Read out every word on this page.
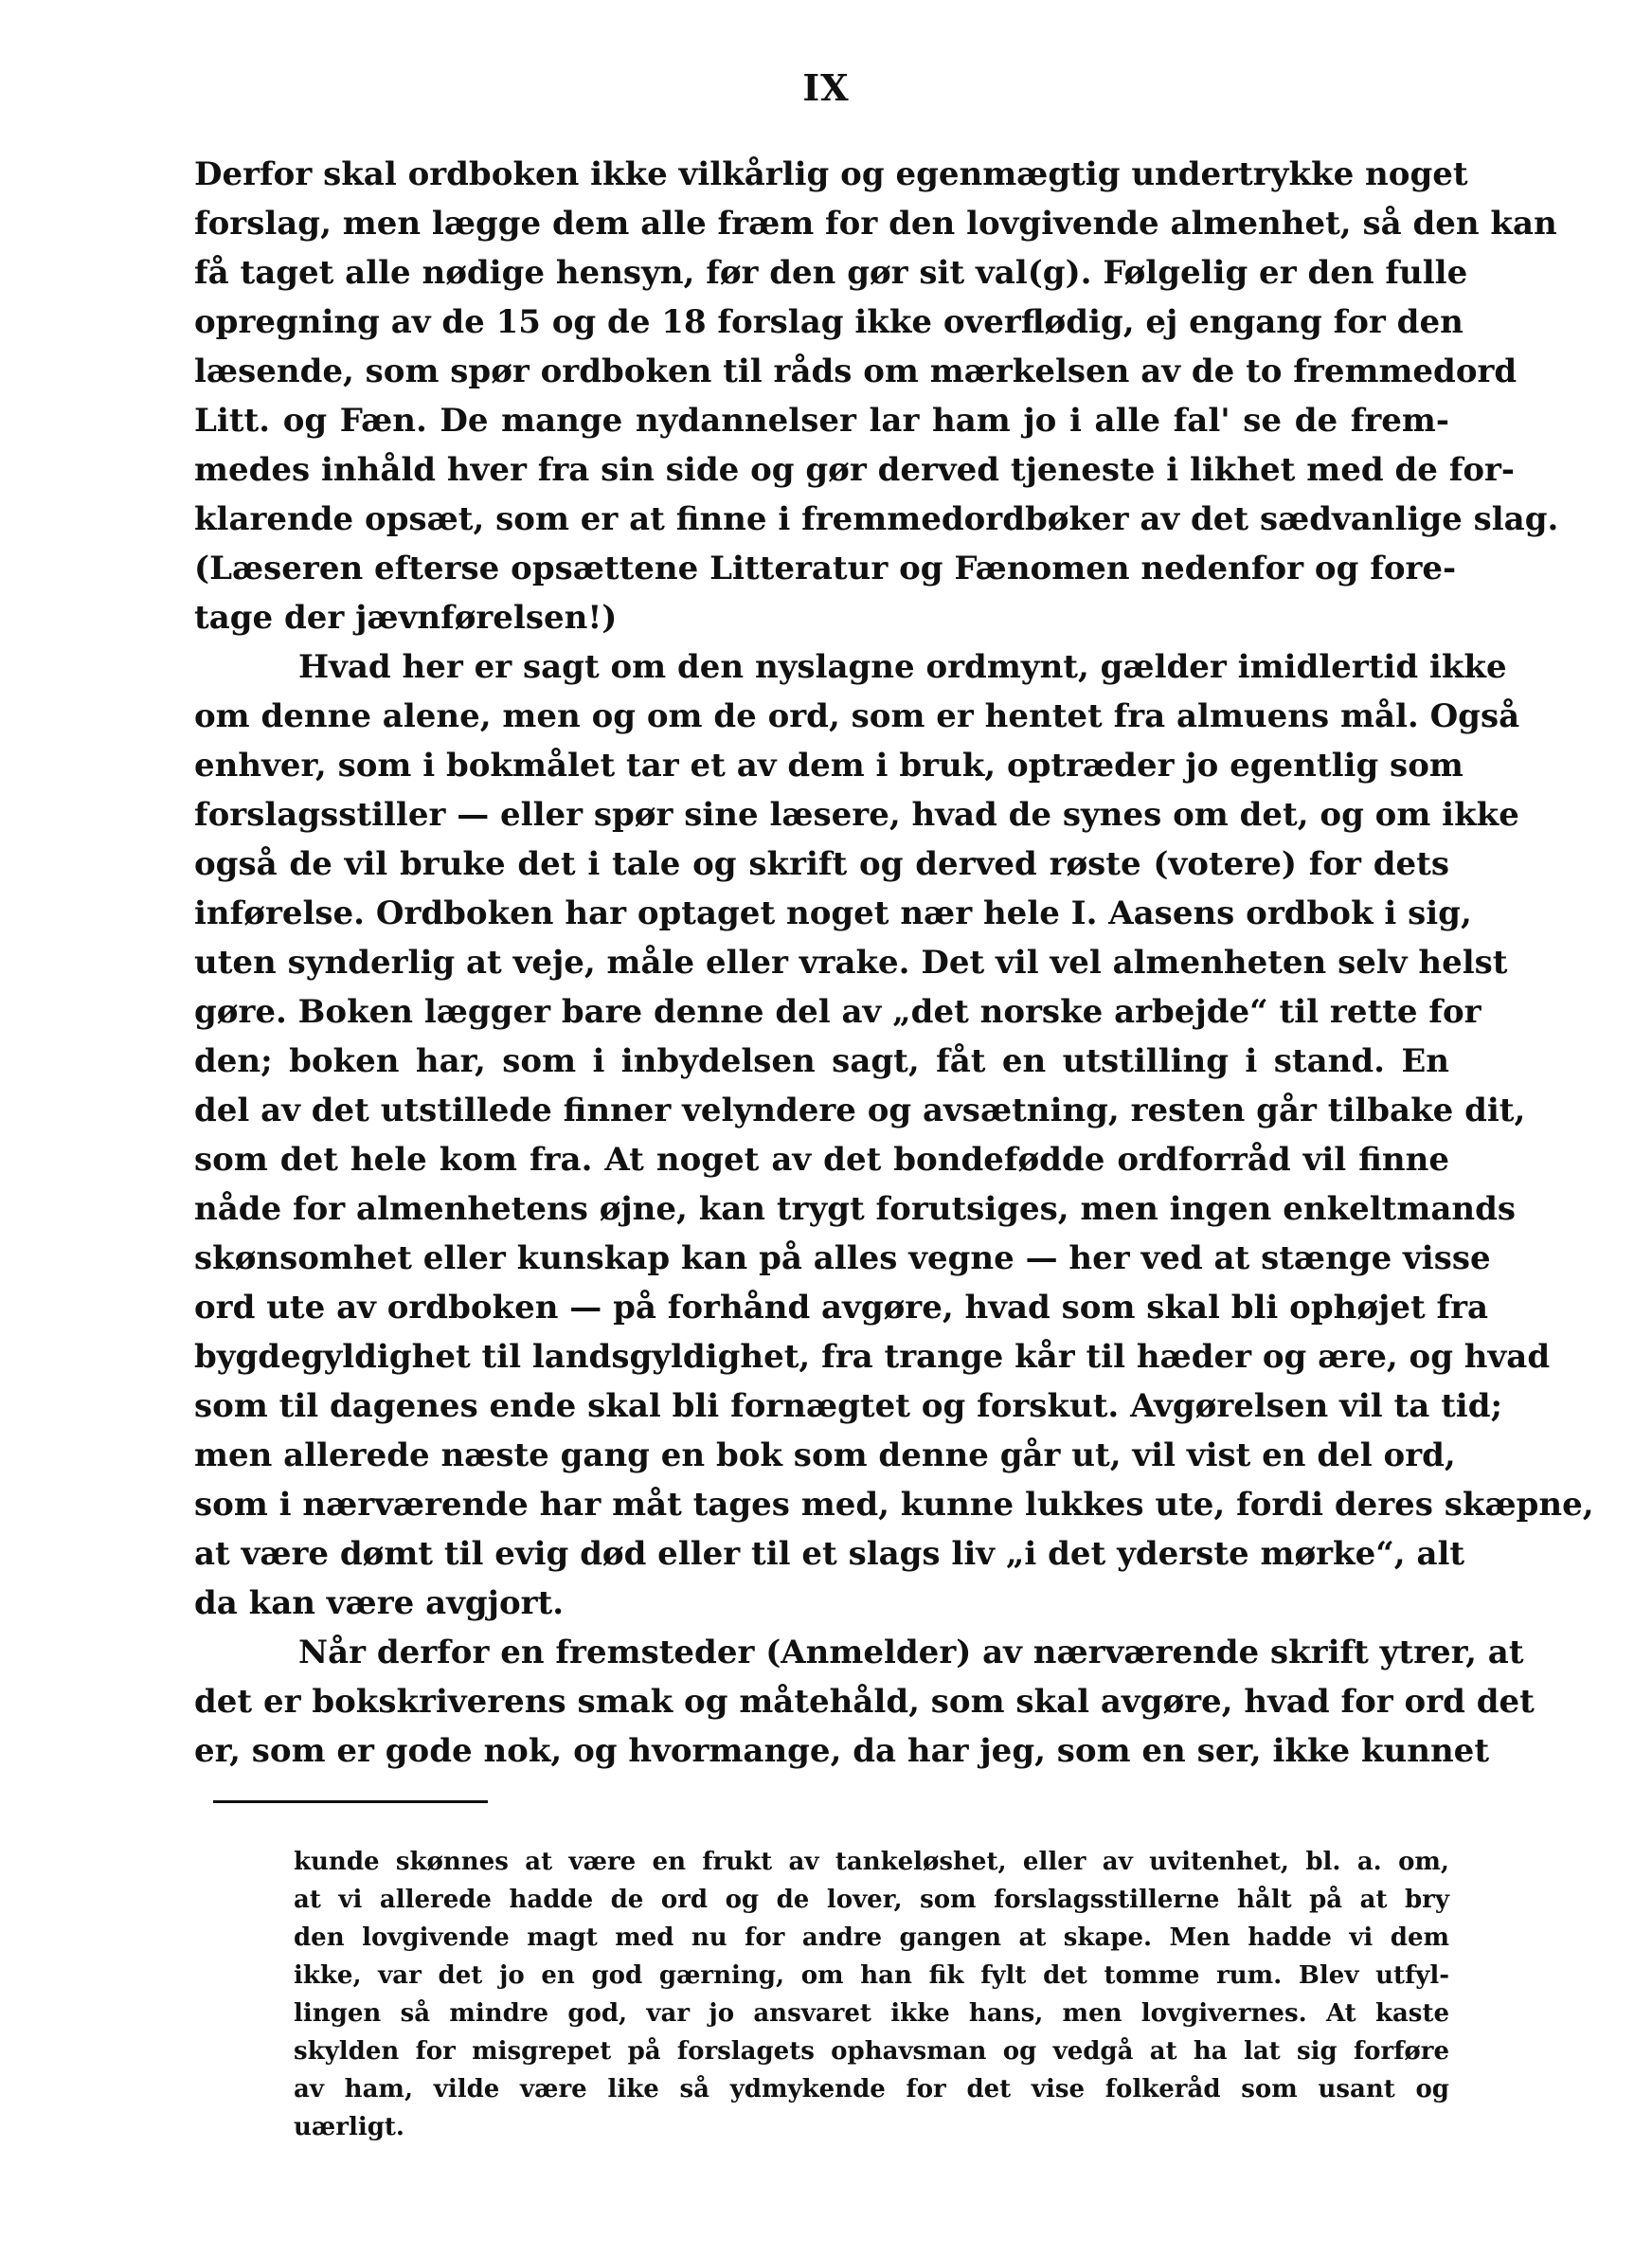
IX
Derfor skal ordboken ikke vilkårlig og egenmægtig undertrykke noget
forslag, men lægge dem alle fræm for den lovgivende almenhet, så den kan
få taget alle nødige hensyn, før den gør sit val(g). Følgelig er den fulle
opregning av de 15 og de 18 forslag ikke overflødig, ej engang for den
læsende, som spør ordboken til råds om mærkelsen av de to fremmedord
Litt. og Fæn. De mange nydannelser lar ham jo i alle fal' se de frem-
medes inhåld hver fra sin side og gør derved tjeneste i likhet med de for-
klarende opsæt, som er at finne i fremmedordbøker av det sædvanlige slag.
(Læseren efterse opsættene Litteratur og Fænomen nedenfor og fore-
tage der jævnførelsen!)
Hvad her er sagt om den nyslagne ordmynt, gælder imidlertid ikke
om denne alene, men og om de ord, som er hentet fra almuens mål. Også
enhver, som i bokmålet tar et av dem i bruk, optræder jo egentlig som
forslagsstiller — eller spør sine læsere, hvad de synes om det, og om ikke
også de vil bruke det i tale og skrift og derved røste (votere) for dets
inførelse. Ordboken har optaget noget nær hele I. Aasens ordbok i sig,
uten synderlig at veje, måle eller vrake. Det vil vel almenheten selv helst
gøre. Boken lægger bare denne del av „det norske arbejde“ til rette for
den; boken har, som i inbydelsen sagt, fåt en utstilling i stand. En
del av det utstillede finner velyndere og avsætning, resten går tilbake dit,
som det hele kom fra. At noget av det bondefødde ordforråd vil finne
nåde for almenhetens øjne, kan trygt forutsiges, men ingen enkeltmands
skønsomhet eller kunskap kan på alles vegne — her ved at stænge visse
ord ute av ordboken — på forhånd avgøre, hvad som skal bli ophøjet fra
bygdegyldighet til landsgyldighet, fra trange kår til hæder og ære, og hvad
som til dagenes ende skal bli fornægtet og forskut. Avgørelsen vil ta tid;
men allerede næste gang en bok som denne går ut, vil vist en del ord,
som i nærværende har måt tages med, kunne lukkes ute, fordi deres skæpne,
at være dømt til evig død eller til et slags liv „i det yderste mørke“, alt
da kan være avgjort.
Når derfor en fremsteder (Anmelder) av nærværende skrift ytrer, at
det er bokskriverens smak og måtehåld, som skal avgøre, hvad for ord det
er, som er gode nok, og hvormange, da har jeg, som en ser, ikke kunnet
kunde skønnes at være en frukt av tankeløshet, eller av uvitenhet, bl. a. om,
at vi allerede hadde de ord og de lover, som forslagsstillerne hålt på at bry
den lovgivende magt med nu for andre gangen at skape. Men hadde vi dem
ikke, var det jo en god gærning, om han fik fylt det tomme rum. Blev utfyl-
lingen så mindre god, var jo ansvaret ikke hans, men lovgivernes. At kaste
skylden for misgrepet på forslagets ophavsman og vedgå at ha lat sig forføre
av ham, vilde være like så ydmykende for det vise folkeråd som usant og
uærligt.
